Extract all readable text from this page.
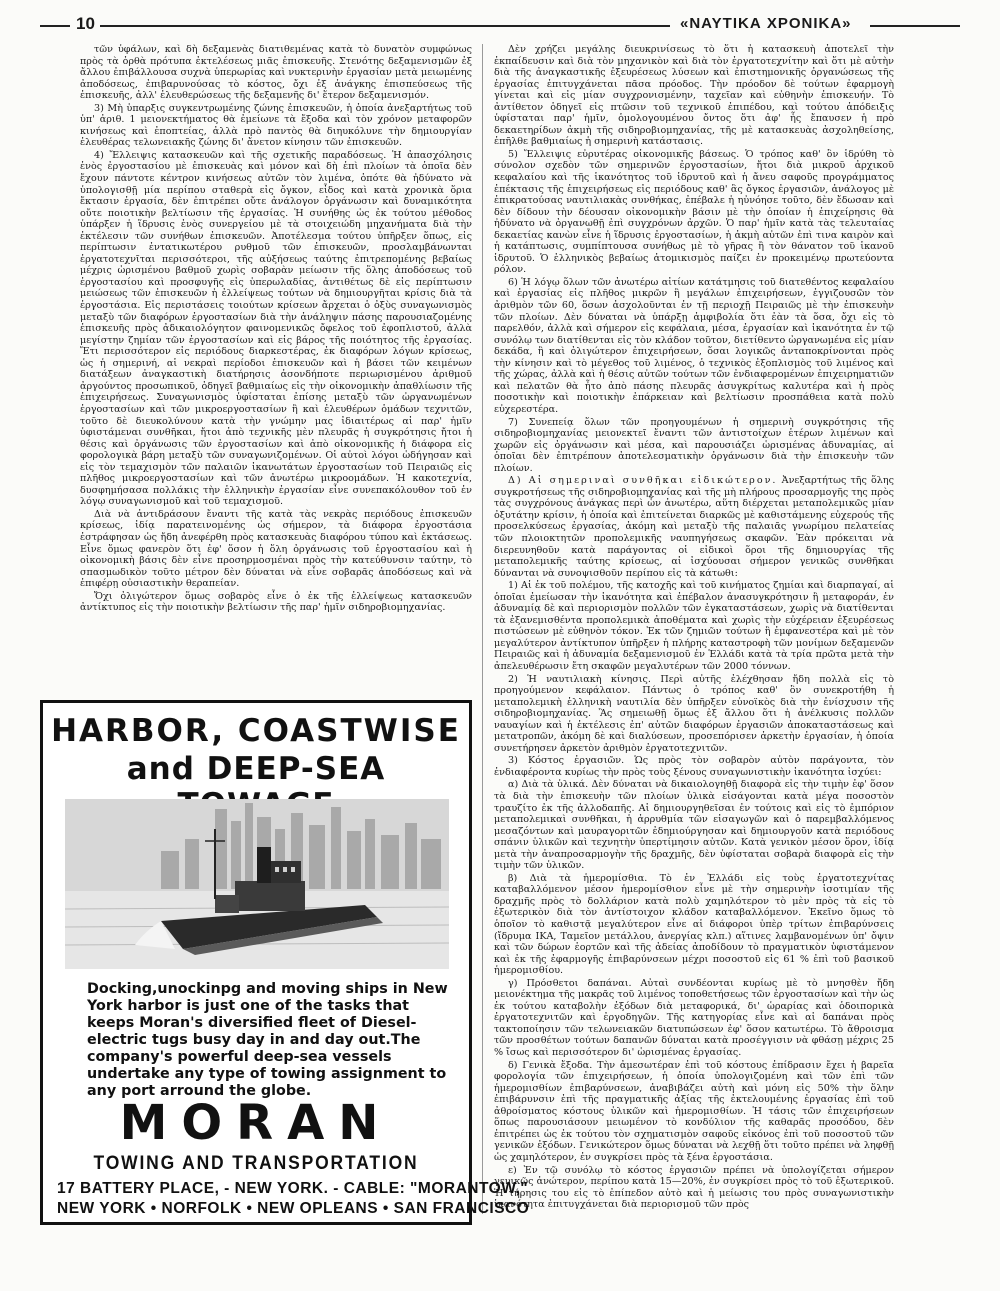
10	«ΝΑΥΤΙΚΑ ΧΡΟΝΙΚΑ»

τῶν ὑφάλων, καὶ δὴ δεξαμενὰς διατιθεμένας κατὰ τὸ δυνατὸν συμφώνως πρὸς τὰ ὀρθὰ πρότυπα ἐκτελέσεως μιᾶς ἐπισκευῆς. Στενότης δεξαμενισμῶν ἐξ ἄλλου ἐπιβάλλουσα συχνὰ ὑπερωρίας καὶ νυκτερινὴν ἐργασίαν μετὰ μειωμένης ἀποδόσεως, ἐπιβαρυνούσας τὸ κόστος, ὄχι ἐξ ἀνάγκης ἐπισπεύσεως τῆς ἐπισκευῆς, ἀλλ' ἐλευθερώσεως τῆς δεξαμενῆς δι' ἕτερον δεξαμενισμόν.

3) Μὴ ὑπαρξις συγκεντρωμένης ζώνης ἐπισκευῶν, ἡ ὁποία ἀνεξαρτήτως τοῦ ὑπ' ἀριθ. 1 μειονεκτήματος θὰ ἐμείωνε τὰ ἔξοδα καὶ τὸν χρόνον μεταφορῶν κινήσεως καὶ ἐποπτείας, ἀλλὰ πρὸ παντὸς θὰ διηυκόλυνε τὴν δημιουργίαν ἐλευθέρας τελωνειακῆς ζώνης δι' ἄνετον κίνησιν τῶν ἐπισκευῶν.

4) Ἔλλειψις κατασκευῶν καὶ τῆς σχετικῆς παραδόσεως. Ἡ ἀπασχόλησις ἑνὸς ἐργοστασίου μὲ ἐπισκευὰς καὶ μόνον καὶ δὴ ἐπὶ πλοίων τὰ ὁποῖα δὲν ἔχουν πάντοτε κέντρον κινήσεως αὐτῶν τὸν λιμένα, ὁπότε θὰ ἠδύνατο νὰ ὑπολογισθῇ μία περίπου σταθερὰ εἰς ὄγκον, εἶδος καὶ κατὰ χρονικὰ ὅρια ἔκτασιν ἐργασία, δὲν ἐπιτρέπει οὔτε ἀνάλογον ὀργάνωσιν καὶ δυναμικότητα οὔτε ποιοτικὴν βελτίωσιν τῆς ἐργασίας. Ἡ συνήθης ὡς ἐκ τούτου μέθοδος ὑπάρξεν ἡ ἵδρυσις ἑνὸς συνεργείου μὲ τὰ στοιχειώδη μηχανήματα διὰ τὴν ἐκτέλεσιν τῶν συνήθων ἐπισκευῶν. Ἀποτέλεσμα τούτου ὑπῆρξεν ὅπως, εἰς περίπτωσιν ἐντατικωτέρου ρυθμοῦ τῶν ἐπισκευῶν, προσλαμβάνωνται ἐργατοτεχνῖται περισσότεροι, τῆς αὐξήσεως ταύτης ἐπιτρεπομένης βεβαίως μέχρις ὡρισμένου βαθμοῦ χωρὶς σοβαρὰν μείωσιν τῆς ὅλης ἀποδόσεως τοῦ ἐργοστασίου καὶ προσφυγῆς εἰς ὑπερωλαδίας, ἀντιθέτως δὲ εἰς περίπτωσιν μειώσεως τῶν ἐπισκευῶν ἡ ἐλλείψεως τούτων νὰ δημιουργῆται κρίσις διὰ τὰ ἐργοστάσια. Εἰς περιστάσεις τοιούτων κρίσεων ἄρχεται ὁ ὀξὺς συναγωνισμὸς μεταξὺ τῶν διαφόρων ἐργοστασίων διὰ τὴν ἀνάληψιν πάσης παρουσιαζομένης ἐπισκευῆς πρὸς ἀδικαιολόγητον φαινομενικῶς ὄφελος τοῦ ἐφοπλιστοῦ, ἀλλὰ μεγίστην ζημίαν τῶν ἐργοστασίων καὶ εἰς βάρος τῆς ποιότητος τῆς ἐργασίας. Ἔτι περισσότερον εἰς περιόδους διαρκεστέρας, ἐκ διαφόρων λόγων κρίσεως, ὡς ἡ σημερινή, αἱ νεκραὶ περίοδοι ἐπισκευῶν καὶ ἡ βάσει τῶν κειμένων διατάξεων ἀναγκαστικὴ διατήρησις ἀσονδήποτε περιωρισμένου ἀριθμοῦ ἀργούντος προσωπικοῦ, ὁδηγεῖ βαθμιαίως εἰς τὴν οἰκονομικὴν ἀπαθλίωσιν τῆς ἐπιχειρήσεως. Συναγωνισμὸς ὑφίσταται ἐπίσης μεταξὺ τῶν ὠργανωμένων ἐργοστασίων καὶ τῶν μικροεργοστασίων ἢ καὶ ἐλευθέρων ὁμάδων τεχνιτῶν, τοῦτο δὲ διευκολύνουν κατὰ τὴν γνώμην μας ἰδιαιτέρως αἱ παρ' ἡμῖν ὑφιστάμεναι συνθῆκαι, ἤτοι ἀπὸ τεχνικῆς μὲν πλευρᾶς ἡ συγκρότησις ἤτοι ἡ θέσις καὶ ὀργάνωσις τῶν ἐργοστασίων καὶ ἀπὸ οἰκονομικῆς ἡ διάφορα εἰς φορολογικὰ βάρη μεταξὺ τῶν συναγωνιζομένων. Οἱ αὐτοὶ λόγοι ὡδήγησαν καὶ εἰς τὸν τεμαχισμὸν τῶν παλαιῶν ἱκανωτάτων ἐργοστασίων τοῦ Πειραιῶς εἰς πλῆθος μικροεργοστασίων καὶ τῶν ἀνωτέρω μικροομάδων. Ἡ κακοτεχνία, δυσφημήσασα πολλάκις τὴν ἑλληνικὴν ἐργασίαν εἶνε συνεπακόλουθον τοῦ ἐν λόγῳ συναγωνισμοῦ καὶ τοῦ τεμαχισμοῦ.

Διὰ νὰ ἀντιδράσουν ἔναντι τῆς κατὰ τὰς νεκρὰς περιόδους ἐπισκευῶν κρίσεως, ἰδίᾳ παρατεινομένης ὡς σήμερον, τὰ διάφορα ἐργοστάσια ἐστράφησαν ὡς ἤδη ἀνεφέρθη πρὸς κατασκευὰς διαφόρου τύπου καὶ ἐκτάσεως. Εἶνε ὅμως φανερὸν ὅτι ἐφ' ὅσον ἡ ὅλη ὀργάνωσις τοῦ ἐργοστασίου καὶ ἡ οἰκονομικὴ βάσις δὲν εἶνε προσηρμοσμέναι πρὸς τὴν κατεύθυνσιν ταύτην, τὸ σπασμωδικὸν τοῦτο μέτρον δὲν δύναται νὰ εἶνε σοβαρᾶς ἀποδόσεως καὶ νὰ ἐπιφέρῃ οὐσιαστικὴν θεραπείαν.

Ὄχι ὀλιγώτερον ὅμως σοβαρὸς εἶνε ὁ ἐκ τῆς ἐλλείψεως κατασκευῶν ἀντίκτυπος εἰς τὴν ποιοτικὴν βελτίωσιν τῆς παρ' ἡμῖν σιδηροβιομηχανίας.

Δὲν χρήζει μεγάλης διευκρινίσεως τὸ ὅτι ἡ κατασκευὴ ἀποτελεῖ τὴν ἐκπαίδευσιν καὶ διὰ τὸν μηχανικὸν καὶ διὰ τὸν ἐργατοτεχνίτην καὶ ὅτι μὲ αὐτὴν διὰ τῆς ἀναγκαστικῆς ἐξευρέσεως λύσεων καὶ ἐπιστημονικῆς ὀργανώσεως τῆς ἐργασίας ἐπιτυγχάνεται πᾶσα πρόοδος. Τὴν πρόοδον δὲ τούτων ἐφαρμογὴ γίνεται καὶ εἰς μίαν συγχρονισμένην, ταχεῖαν καὶ εὐθηνὴν ἐπισκευήν. Τὸ ἀντίθετον ὁδηγεῖ εἰς πτῶσιν τοῦ τεχνικοῦ ἐπιπέδου, καὶ τούτου ἀπόδειξις ὑφίσταται παρ' ἡμῖν, ὁμολογουμένου ὄντος ὅτι ἀφ' ἧς ἔπαυσεν ἡ πρὸ δεκαετηρίδων ἀκμὴ τῆς σιδηροβιομηχανίας, τῆς μὲ κατασκευὰς ἀσχοληθείσης, ἐπῆλθε βαθμιαίως ἡ σημερινὴ κατάστασις.

5) Ἔλλειψις εὐρυτέρας οἰκονομικῆς βάσεως. Ὁ τρόπος καθ' ὃν ἱδρύθη τὸ σύνολον σχεδὸν τῶν σημερινῶν ἐργοστασίων, ἤτοι διὰ μικροῦ ἀρχικοῦ κεφαλαίου καὶ τῆς ἱκανότητος τοῦ ἱδρυτοῦ καὶ ἡ ἄνευ σαφοῦς προγράμματος ἐπέκτασις τῆς ἐπιχειρήσεως εἰς περιόδους καθ' ἃς ὄγκος ἐργασιῶν, ἀνάλογος μὲ ἐπικρατούσας ναυτιλιακὰς συνθήκας, ἐπέβαλε ἡ ηὐνόησε τοῦτο, δὲν ἔδωσαν καὶ δὲν δίδουν τὴν δέουσαν οἰκονομικὴν βάσιν μὲ τὴν ὁποίαν ἡ ἐπιχείρησις θὰ ἠδύνατο νὰ ὀργανωθῇ ἐπὶ συγχρόνων ἀρχῶν. Ὁ παρ' ἡμῖν κατὰ τὰς τελευταίας δεκαετίας κανὼν εἶνε ἡ ἵδρυσις ἐργοστασίων, ἡ ἀκμὴ αὐτῶν ἐπὶ τινα καιρὸν καὶ ἡ κατάπτωσις, συμπίπτουσα συνήθως μὲ τὸ γῆρας ἢ τὸν θάνατον τοῦ ἱκανοῦ ἱδρυτοῦ. Ὁ ἑλληνικὸς βεβαίως ἀτομικισμὸς παίζει ἐν προκειμένῳ πρωτεύοντα ρόλον.

6) Ἡ λόγῳ ὅλων τῶν ἀνωτέρω αἰτίων κατάτμησις τοῦ διατεθέντος κεφαλαίου καὶ ἐργασίας εἰς πλῆθος μικρῶν ἢ μεγάλων ἐπιχειρήσεων, ἐγγιζουσῶν τὸν ἀριθμὸν τῶν 60, ὅσων ἀσχολοῦνται ἐν τῇ περιοχῇ Πειραιῶς μὲ τὴν ἐπισκευὴν τῶν πλοίων. Δὲν δύναται νὰ ὑπάρξῃ ἀμφιβολία ὅτι ἐὰν τὰ ὅσα, ὄχι εἰς τὸ παρελθόν, ἀλλὰ καὶ σήμερον εἰς κεφάλαια, μέσα, ἐργασίαν καὶ ἱκανότητα ἐν τῷ συνόλῳ των διατίθενται εἰς τὸν κλάδον τοῦτον, διετίθεντο ὠργανωμένα εἰς μίαν δεκάδα, ἢ καὶ ὀλιγώτερον ἐπιχειρήσεων, ὅσαι λογικῶς ἀνταποκρίνονται πρὸς τὴν κίνησιν καὶ τὸ μέγεθος τοῦ λιμένος, ὁ τεχνικὸς ἐξοπλισμὸς τοῦ λιμένος καὶ τῆς χώρας, ἀλλὰ καὶ ἡ θέσις αὐτῶν τούτων τῶν ἐνδιαφερομένων ἐπιχειρηματιῶν καὶ πελατῶν θὰ ἦτο ἀπὸ πάσης πλευρᾶς ἀσυγκρίτως καλυτέρα καὶ ἡ πρὸς ποσοτικὴν καὶ ποιοτικὴν ἐπάρκειαν καὶ βελτίωσιν προσπάθεια κατὰ πολὺ εὐχερεστέρα.

7) Συνεπείᾳ ὅλων τῶν προηγουμένων ἡ σημερινὴ συγκρότησις τῆς σιδηροβιομηχανίας μειονεκτεῖ ἔναντι τῶν ἀντιστοίχων ἑτέρων λιμένων καὶ χωρῶν εἰς ὀργάνωσιν καὶ μέσα, καὶ παρουσιάζει ὡρισμένας ἀδυναμίας, αἱ ὁποῖαι δὲν ἐπιτρέπουν ἀποτελεσματικὴν ὀργάνωσιν διὰ τὴν ἐπισκευὴν τῶν πλοίων.

Δ) Αἱ σημεριναὶ συνθῆκαι εἰδικώτερον. Ἀνεξαρτήτως τῆς ὅλης συγκροτήσεως τῆς σιδηροβιομηχανίας καὶ τῆς μὴ πλήρους προσαρμογῆς της πρὸς τὰς συγχρόνους ἀνάγκας περὶ ὧν ἀνωτέρω, αὕτη διέρχεται μεταπολεμικῶς μίαν ὀξυτάτην κρίσιν, ἡ ὁποία καὶ ἐπιτείνεται διαρκῶς μὲ καθιστάμενης εὐχερούς τῆς προσελκύσεως ἐργασίας, ἀκόμη καὶ μεταξὺ τῆς παλαιᾶς γνωρίμου πελατείας τῶν πλοιοκτητῶν προπολεμικῆς ναυπηγήσεως σκαφῶν. Ἐὰν πρόκειται νὰ διερευνηθοῦν κατὰ παράγοντας οἱ εἰδικοὶ ὅροι τῆς δημιουργίας τῆς μεταπολεμικῆς ταύτης κρίσεως, αἱ ἰσχύουσαι σήμερον γενικῶς συνθῆκαι δύνανται νὰ συνοψισθοῦν περίπου εἰς τὰ κάτωθι:

1) Αἱ ἐκ τοῦ πολέμου, τῆς κατοχῆς καὶ τοῦ κινήματος ζημίαι καὶ διαρπαγαί, αἱ ὁποῖαι ἐμείωσαν τὴν ἱκανότητα καὶ ἐπέβαλον ἀνασυγκρότησιν ἢ μεταφοράν, ἐν ἀδυναμίᾳ δὲ καὶ περιορισμὸν πολλῶν τῶν ἐγκαταστάσεων, χωρὶς νὰ διατίθενται τὰ ἐξανεμισθέντα προπολεμικὰ ἀποθέματα καὶ χωρὶς τὴν εὐχέρειαν ἐξευρέσεως πιστώσεων μὲ εὐθηνὸν τόκον. Ἐκ τῶν ζημιῶν τούτων ἢ ἐμφανεστέρα καὶ μὲ τὸν μεγαλύτερον ἀντίκτυπον ὑπῆρξεν ἡ πλήρης καταστροφὴ τῶν μονίμων δεξαμενῶν Πειραιῶς καὶ ἡ ἀδυναμία δεξαμενισμοῦ ἐν Ἑλλάδι κατὰ τὰ τρία πρῶτα μετὰ τὴν ἀπελευθέρωσιν ἔτη σκαφῶν μεγαλυτέρων τῶν 2000 τόννων.

2) Ἡ ναυτιλιακὴ κίνησις. Περὶ αὐτῆς ἐλέχθησαν ἤδη πολλὰ εἰς τὸ προηγούμενον κεφάλαιον. Πάντως ὁ τρόπος καθ' ὃν συνεκροτήθη ἡ μεταπολεμικὴ ἑλληνικὴ ναυτιλία δὲν ὑπῆρξεν εὐνοϊκὸς διὰ τὴν ἐνίσχυσιν τῆς σιδηροβιομηχανίας. Ἂς σημειωθῇ ὅμως ἐξ ἄλλου ὅτι ἡ ἀνέλκυσις πολλῶν ναυαγίων καὶ ἡ ἐκτέλεσις ἐπ' αὐτῶν διαφόρων ἐργασιῶν ἀποκαταστάσεως καὶ μετατροπῶν, ἀκόμη δὲ καὶ διαλύσεων, προσεπόρισεν ἀρκετὴν ἐργασίαν, ἡ ὁποία συνετήρησεν ἀρκετὸν ἀριθμὸν ἐργατοτεχνιτῶν.

3) Κόστος ἐργασιῶν. Ὡς πρὸς τὸν σοβαρὸν αὐτὸν παράγοντα, τὸν ἐνδιαφέροντα κυρίως τὴν πρὸς τοὺς ξένους συναγωνιστικὴν ἱκανότητα ἰσχύει:

α) Διὰ τὰ ὑλικά. Δὲν δύναται νὰ δικαιολογηθῇ διαφορὰ εἰς τὴν τιμὴν ἐφ' ὅσον τὰ διὰ τὴν ἐπισκευὴν τῶν πλοίων ὑλικὰ εἰσάγονται κατὰ μέγα ποσοστὸν τραυζίτο ἐκ τῆς ἀλλοδαπῆς. Αἱ δημιουργηθεῖσαι ἐν τούτοις καὶ εἰς τὸ ἐμπόριον μεταπολεμικαὶ συνθῆκαι, ἡ ἀρρυθμία τῶν εἰσαγωγῶν καὶ ὁ παρεμβαλλόμενος μεσαζόντων καὶ μαυραγοριτῶν ἐδημιούργησαν καὶ δημιουργοῦν κατὰ περιόδους σπάνιν ὑλικῶν καὶ τεχνητὴν ὑπερτίμησιν αὐτῶν. Κατὰ γενικὸν μέσον ὅρον, ἰδίᾳ μετὰ τὴν ἀναπροσαρμογὴν τῆς δραχμῆς, δὲν ὑφίσταται σοβαρὰ διαφορὰ εἰς τὴν τιμὴν τῶν ὑλικῶν.

β) Διὰ τὰ ἡμερομίσθια. Τὸ ἐν Ἑλλάδι εἰς τοὺς ἐργατοτεχνίτας καταβαλλόμενον μέσον ἡμερομίσθιον εἶνε μὲ τὴν σημερινὴν ἰσοτιμίαν τῆς δραχμῆς πρὸς τὸ δολλάριον κατὰ πολὺ χαμηλότερον τὸ μὲν πρὸς τὰ εἰς τὸ ἐξωτερικὸν διὰ τὸν ἀντίστοιχον κλάδον καταβαλλόμενον. Ἐκεῖνο ὅμως τὸ ὁποῖον τὸ καθιστᾷ μεγαλύτερον εἶνε αἱ διάφοροι ὑπὲρ τρίτων ἐπιβαρύνσεις (ἴδρυμα ΙΚΑ, Ταμεῖον μετάλλου, ἀνεργίας κλπ.) αἵτινες λαμβανομένων ὑπ' ὄψιν καὶ τῶν δώρων ἑορτῶν καὶ τῆς ἀδείας ἀποδίδουν τὸ πραγματικὸν ὑφιστάμενον καὶ ἐκ τῆς ἐφαρμογῆς ἐπιβαρύνσεων μέχρι ποσοστοῦ εἰς 61 % ἐπὶ τοῦ βασικοῦ ἡμερομισθίου.

γ) Πρόσθετοι δαπάναι. Αὐταὶ συνδέονται κυρίως μὲ τὸ μνησθὲν ἤδη μειονέκτημα τῆς μακρᾶς τοῦ λιμένος τοποθετήσεως τῶν ἐργοστασίων καὶ τὴν ὡς ἐκ τούτου καταβολὴν ἐξόδων διὰ μεταφορικά, δι' ὡραρίας καὶ ὁδοιπορικὰ ἐργατοτεχνιτῶν καὶ ἐργοδηγῶν. Τῆς κατηγορίας εἶνε καὶ αἱ δαπάναι πρὸς τακτοποίησιν τῶν τελωνειακῶν διατυπώσεων ἐφ' ὅσον κατωτέρω. Τὸ ἄθροισμα τῶν προσθέτων τούτων δαπανῶν δύναται κατὰ προσέγγισιν νὰ φθάσῃ μέχρις 25 % ἴσως καὶ περισσότερον δι' ὡρισμένας ἐργασίας.

δ) Γενικὰ ἔξοδα. Τὴν ἀμεσωτέραν ἐπὶ τοῦ κόστους ἐπίδρασιν ἔχει ἡ βαρεῖα φορολογία τῶν ἐπιχειρήσεων, ἡ ὁποία ὑπολογιζομένη καὶ τῶν ἐπὶ τῶν ἡμερομισθίων ἐπιβαρύνσεων, ἀναβιβάζει αὐτὴ καὶ μόνη εἰς 50% τὴν ὅλην ἐπιβάρυνσιν ἐπὶ τῆς πραγματικῆς ἀξίας τῆς ἐκτελουμένης ἐργασίας ἐπὶ τοῦ ἀθροίσματος κόστους ὑλικῶν καὶ ἡμερομισθίων. Ἡ τάσις τῶν ἐπιχειρήσεων ὅπως παρουσιάσουν μειωμένον τὸ κονδύλιον τῆς καθαρᾶς προσόδου, δὲν ἐπιτρέπει ὡς ἐκ τούτου τὸν σχηματισμὸν σαφοῦς εἰκόνος ἐπὶ τοῦ ποσοστοῦ τῶν γενικῶν ἐξόδων. Γενικώτερον ὅμως δύναται νὰ λεχθῇ ὅτι τοῦτο πρέπει νὰ ληφθῇ ὡς χαμηλότερον, ἐν συγκρίσει πρὸς τὰ ξένα ἐργοστάσια.

ε) Ἐν τῷ συνόλῳ τὸ κόστος ἐργασιῶν πρέπει νὰ ὑπολογίζεται σήμερον γενικῶς ἀνώτερον, περίπου κατὰ 15—20%, ἐν συγκρίσει πρὸς τὸ τοῦ ἐξωτερικοῦ. Ἡ τήρησις του εἰς τὸ ἐπίπεδον αὐτὸ καὶ ἡ μείωσις του πρὸς συναγωνιστικὴν ἱκανότητα ἐπιτυγχάνεται διὰ περιορισμοῦ τῶν πρὸς

HARBOR, COASTWISE
and DEEP-SEA
Docking,unockinpg and moving ships in New York harbor is just one of the tasks that keeps Moran's diversified fleet of Diesel-electric tugs busy day in and day out.The company's powerful deep-sea vessels undertake any type of towing assignment to any port arround the globe.
MORAN
TOWING AND TRANSPORTATION
17 BATTERY PLACE, - NEW YORK. - CABLE: "MORANTOW,"
NEW YORK • NORFOLK • NEW OPLEANS • SAN FRANCISCO
